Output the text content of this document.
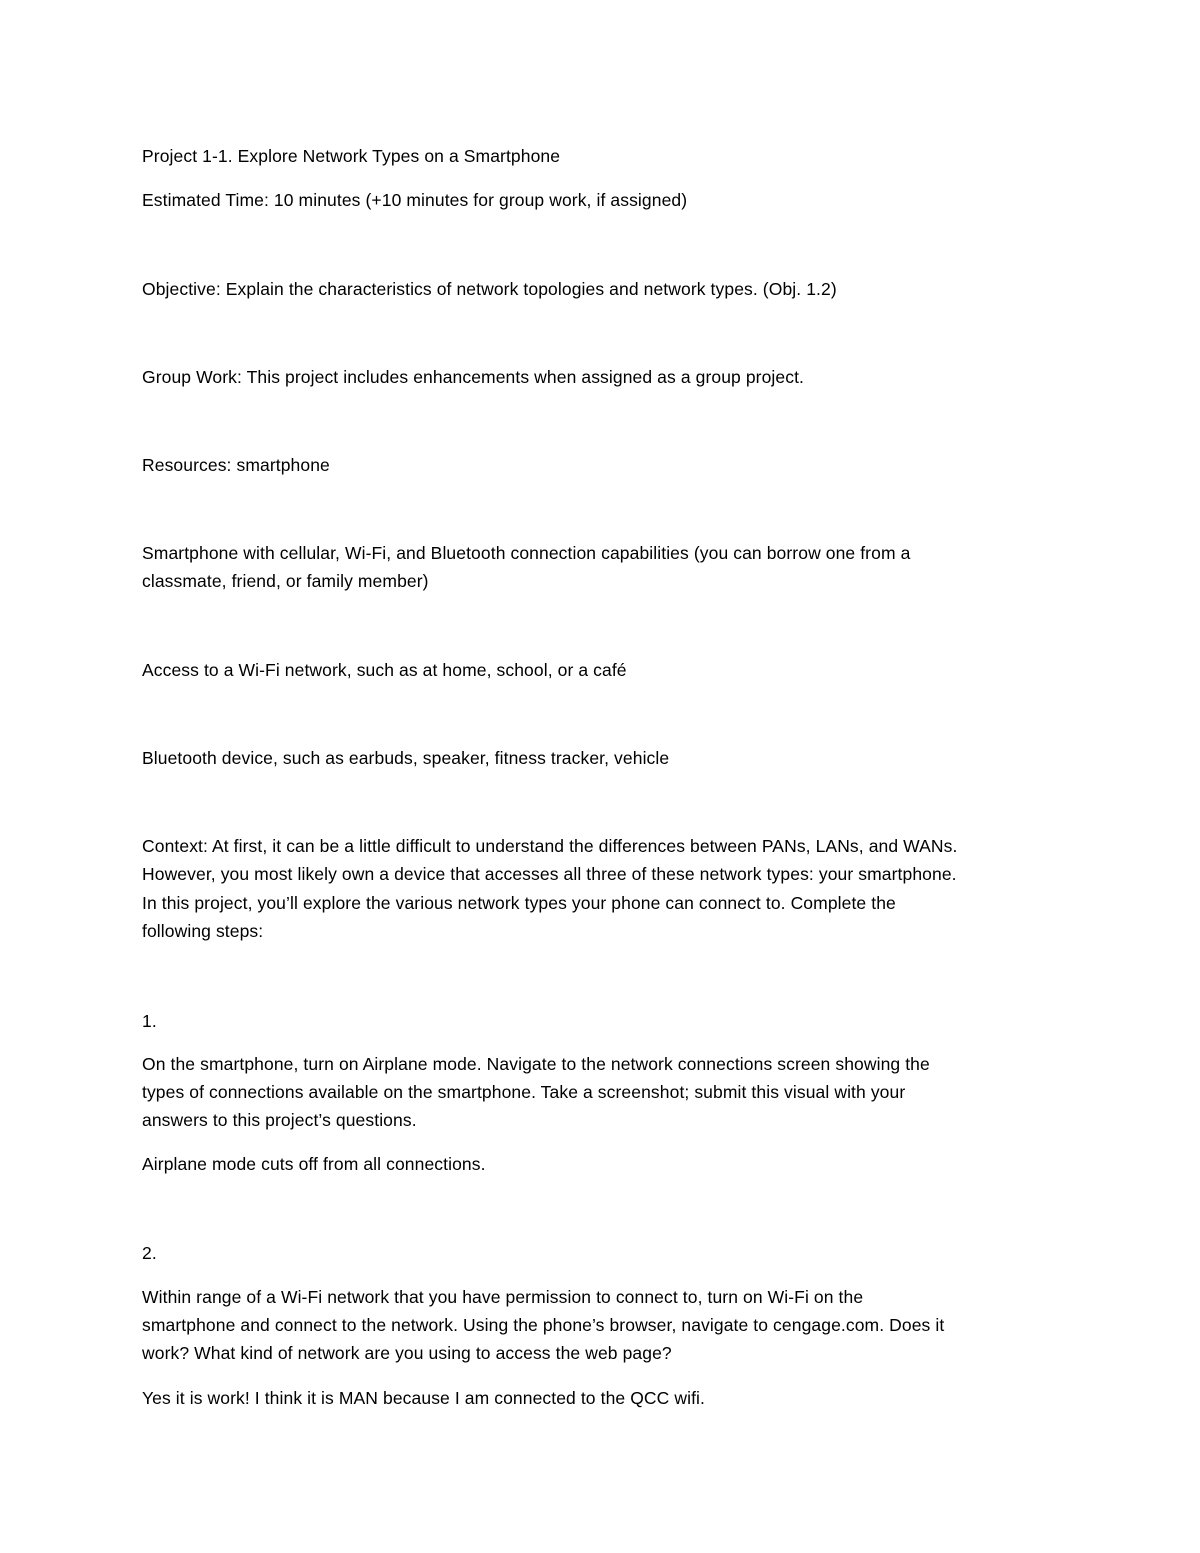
Project 1-1. Explore Network Types on a Smartphone
Estimated Time: 10 minutes (+10 minutes for group work, if assigned)
Objective: Explain the characteristics of network topologies and network types. (Obj. 1.2)
Group Work: This project includes enhancements when assigned as a group project.
Resources: smartphone
Smartphone with cellular, Wi-Fi, and Bluetooth connection capabilities (you can borrow one from a
classmate, friend, or family member)
Access to a Wi-Fi network, such as at home, school, or a café
Bluetooth device, such as earbuds, speaker, fitness tracker, vehicle
Context: At first, it can be a little difficult to understand the differences between PANs, LANs, and WANs.
However, you most likely own a device that accesses all three of these network types: your smartphone.
In this project, you’ll explore the various network types your phone can connect to. Complete the
following steps:
1.
On the smartphone, turn on Airplane mode. Navigate to the network connections screen showing the
types of connections available on the smartphone. Take a screenshot; submit this visual with your
answers to this project’s questions.
Airplane mode cuts off from all connections.
2.
Within range of a Wi-Fi network that you have permission to connect to, turn on Wi-Fi on the
smartphone and connect to the network. Using the phone’s browser, navigate to cengage.com. Does it
work? What kind of network are you using to access the web page?
Yes it is work! I think it is MAN because I am connected to the QCC wifi.
